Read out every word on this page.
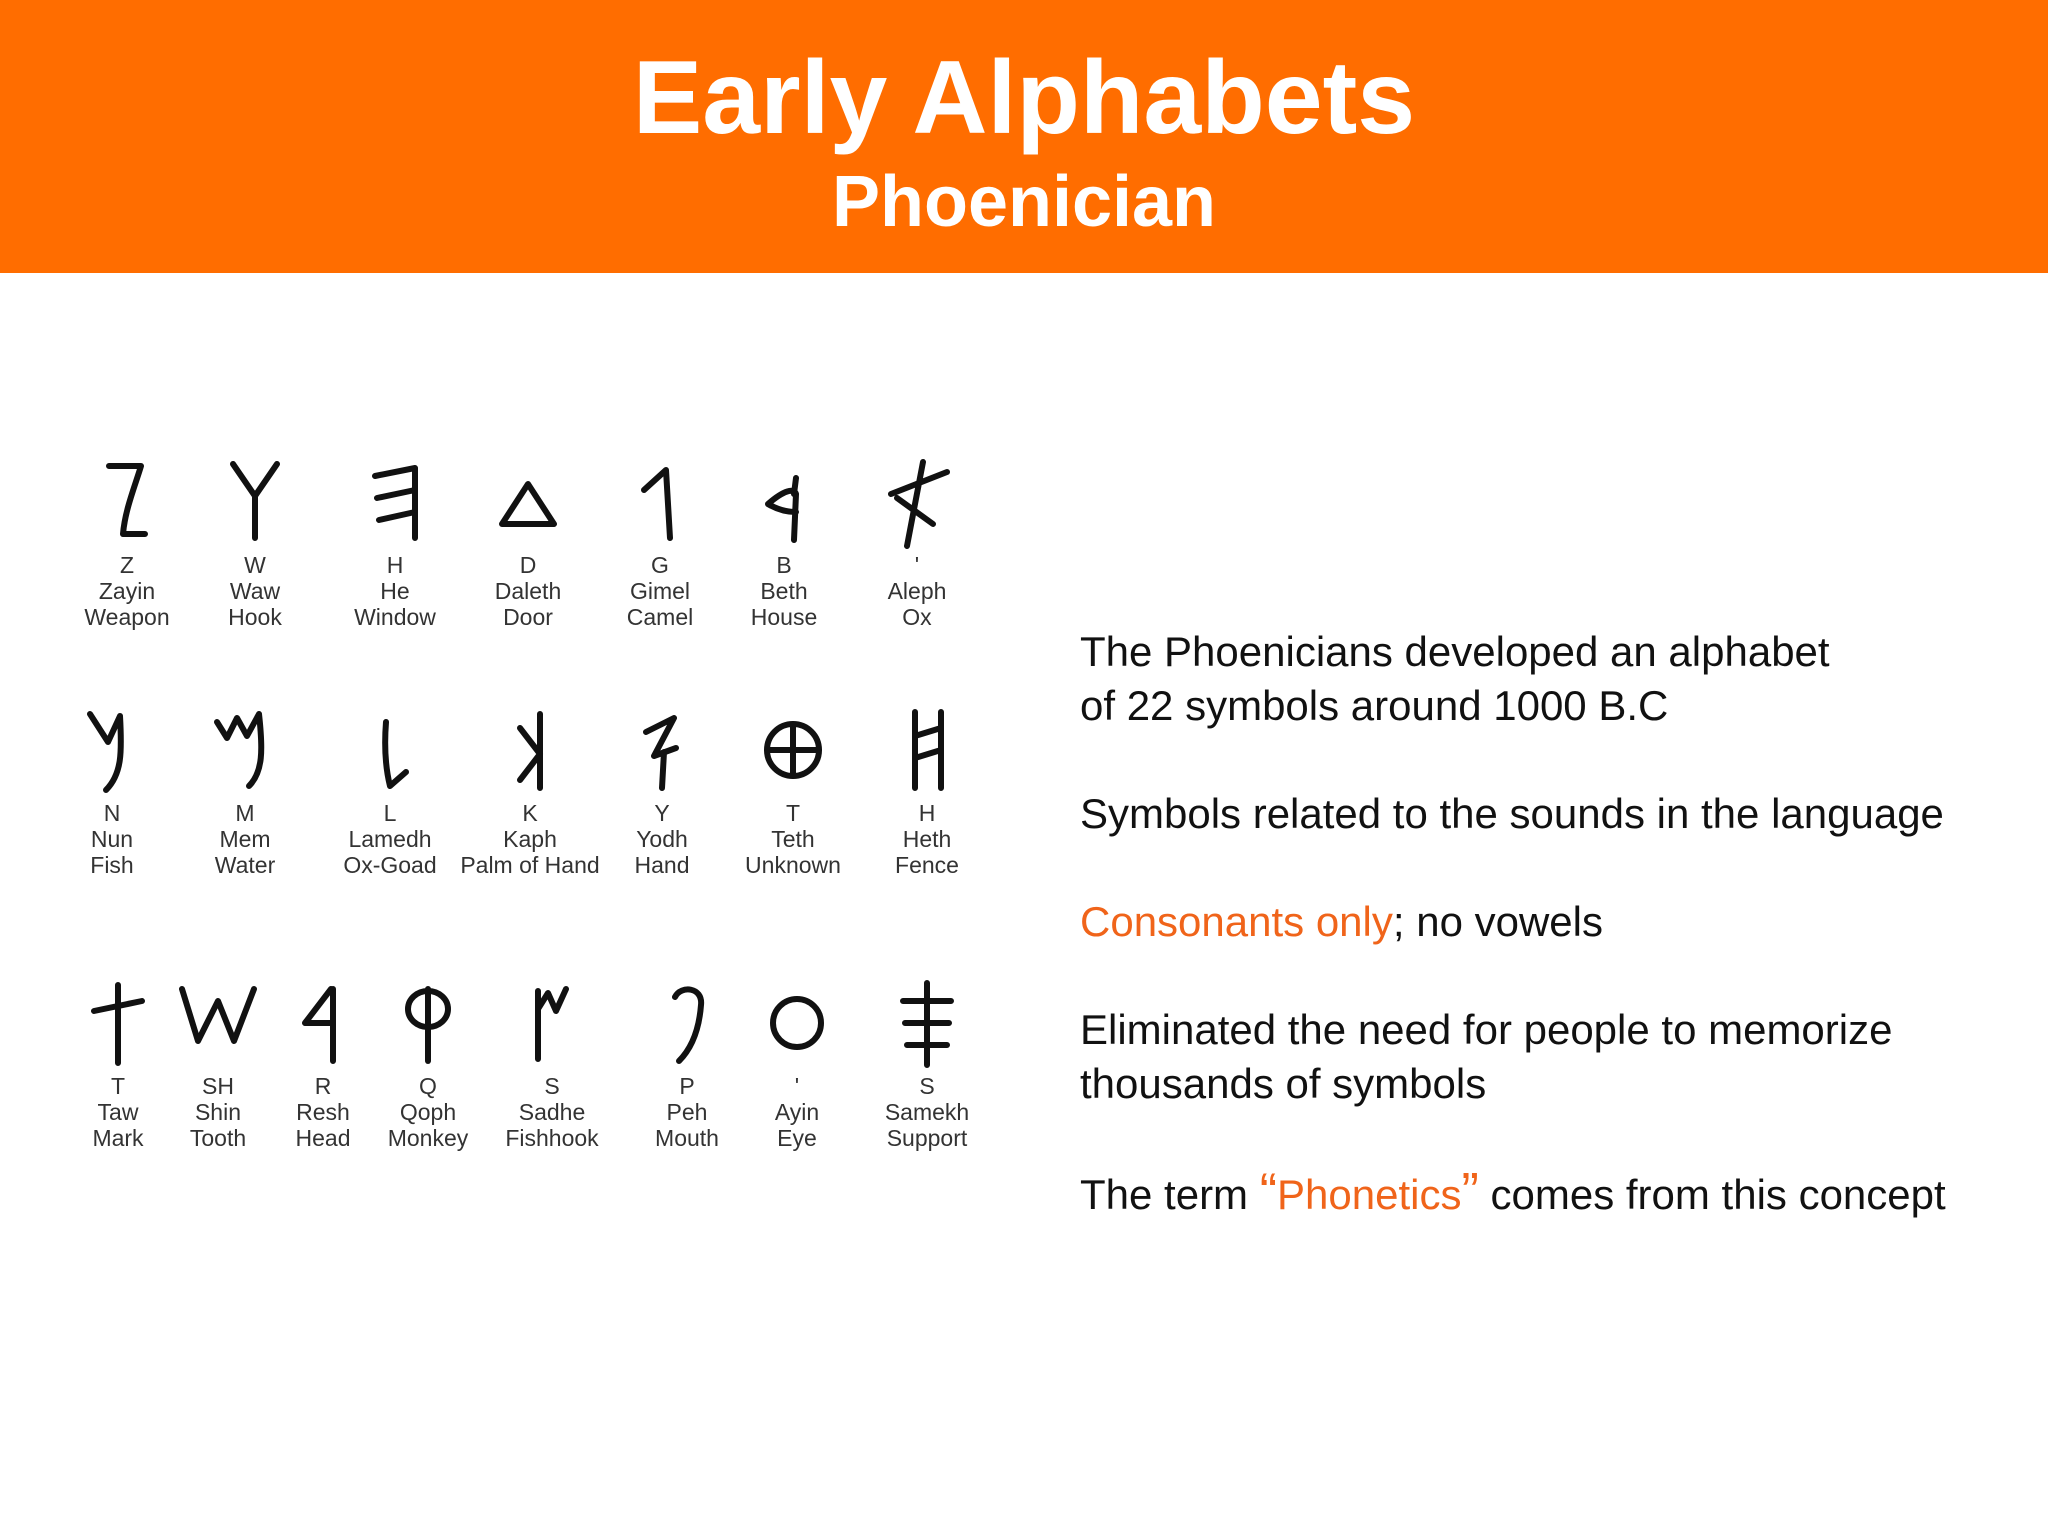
Early Alphabets
Phoenician
Z
Zayin
Weapon
W
Waw
Hook
H
He
Window
D
Daleth
Door
G
Gimel
Camel
B
Beth
House
'
Aleph
Ox
N
Nun
Fish
M
Mem
Water
L
Lamedh
Ox-Goad
K
Kaph
Palm of Hand
Y
Yodh
Hand
T
Teth
Unknown
H
Heth
Fence
T
Taw
Mark
SH
Shin
Tooth
R
Resh
Head
Q
Qoph
Monkey
S
Sadhe
Fishhook
P
Peh
Mouth
'
Ayin
Eye
S
Samekh
Support

The Phoenicians developed an alphabet
of 22 symbols around 1000 B.C

Symbols related to the sounds in the language

Consonants only; no vowels

Eliminated the need for people to memorize
thousands of symbols

The term “Phonetics” comes from this concept
